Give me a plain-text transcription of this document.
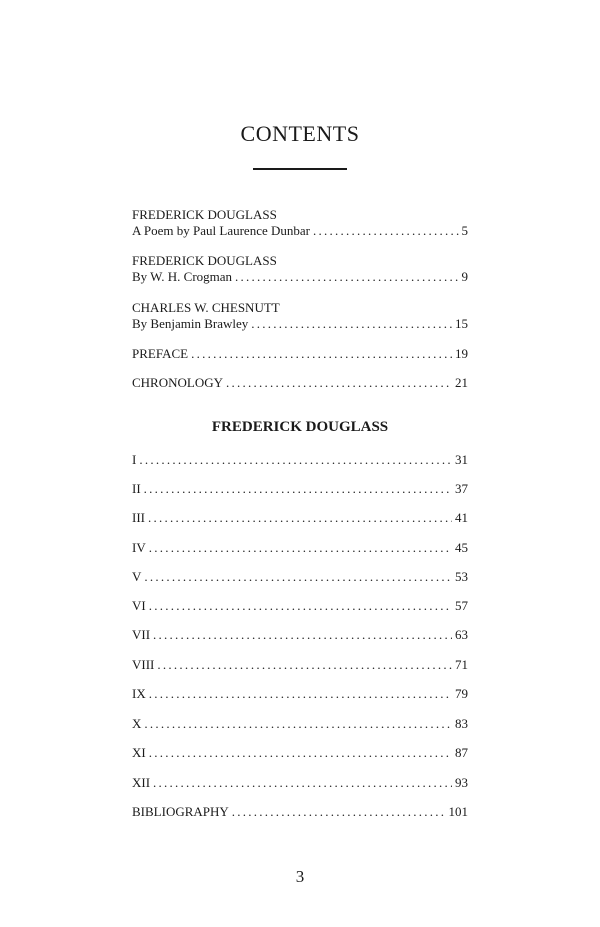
CONTENTS
FREDERICK DOUGLASS
A Poem by Paul Laurence Dunbar . . .	5
FREDERICK DOUGLASS
By W. H. Crogman . . .	9
CHARLES W. CHESNUTT
By Benjamin Brawley . . .	15
PREFACE . . .	19
CHRONOLOGY . . .	21
I . . .	31
II . . .	37
III . . .	41
IV . . .	45
V . . .	53
VI . . .	57
VII . . .	63
VIII . . .	71
IX . . .	79
X . . .	83
XI . . .	87
XII . . .	93
BIBLIOGRAPHY . . .	101
FREDERICK DOUGLASS
3
